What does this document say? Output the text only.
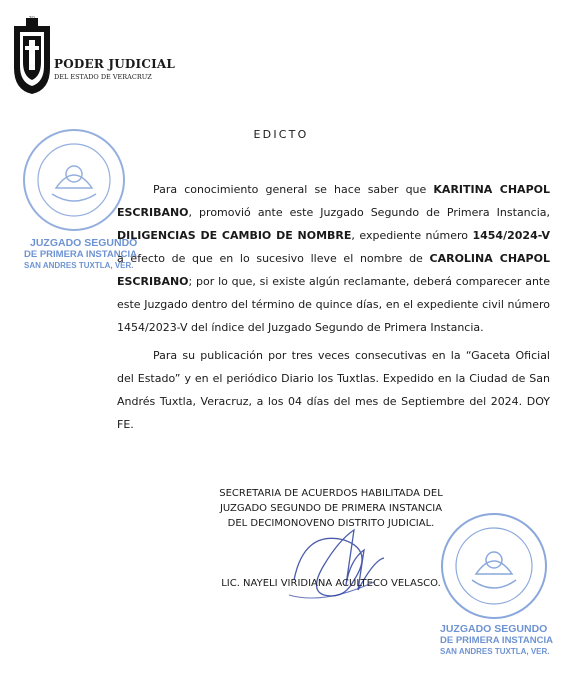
TSJ
PODER JUDICIAL
DEL ESTADO DE VERACRUZ
JUZGADO SEGUNDO
DE PRIMERA INSTANCIA
SAN ANDRES TUXTLA, VER.
EDICTO

Para conocimiento general se hace saber que KARITINA CHAPOL ESCRIBANO, promovió ante este Juzgado Segundo de Primera Instancia, DILIGENCIAS DE CAMBIO DE NOMBRE, expediente número 1454/2024-V a efecto de que en lo sucesivo lleve el nombre de CAROLINA CHAPOL ESCRIBANO; por lo que, si existe algún reclamante, deberá comparecer ante este Juzgado dentro del término de quince días, en el expediente civil número 1454/2023-V del índice del Juzgado Segundo de Primera Instancia.

Para su publicación por tres veces consecutivas en la “Gaceta Oficial del Estado” y en el periódico Diario los Tuxtlas. Expedido en la Ciudad de San Andrés Tuxtla, Veracruz, a los 04 días del mes de Septiembre del 2024. DOY FE.

SECRETARIA DE ACUERDOS HABILITADA DEL
JUZGADO SEGUNDO DE PRIMERA INSTANCIA
DEL DECIMONOVENO DISTRITO JUDICIAL.
LIC. NAYELI VIRIDIANA ACULTECO VELASCO.
JUZGADO SEGUNDO
DE PRIMERA INSTANCIA
SAN ANDRES TUXTLA, VER.
